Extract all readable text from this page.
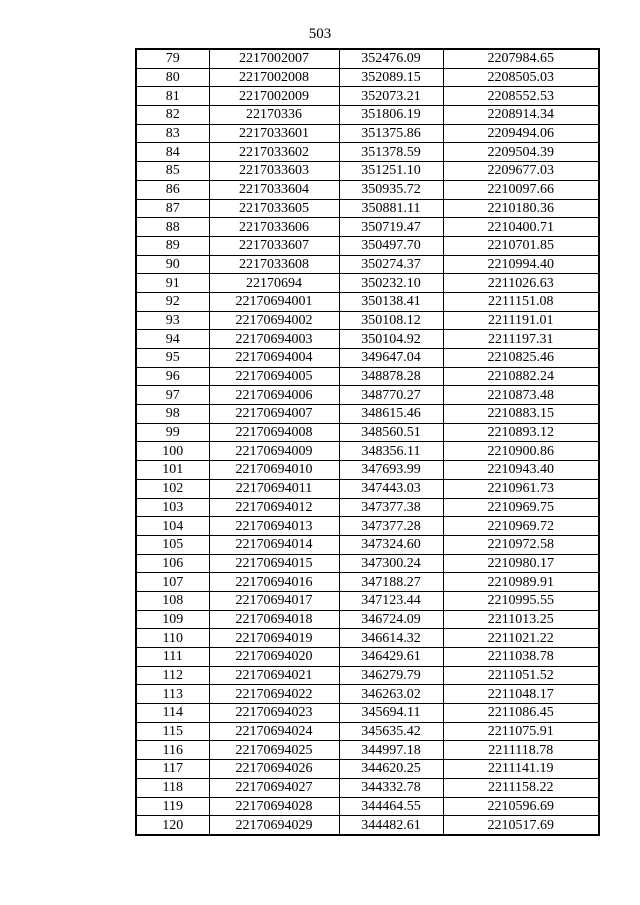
503
79	2217002007	352476.09	2207984.65
80	2217002008	352089.15	2208505.03
81	2217002009	352073.21	2208552.53
82	22170336	351806.19	2208914.34
83	2217033601	351375.86	2209494.06
84	2217033602	351378.59	2209504.39
85	2217033603	351251.10	2209677.03
86	2217033604	350935.72	2210097.66
87	2217033605	350881.11	2210180.36
88	2217033606	350719.47	2210400.71
89	2217033607	350497.70	2210701.85
90	2217033608	350274.37	2210994.40
91	22170694	350232.10	2211026.63
92	22170694001	350138.41	2211151.08
93	22170694002	350108.12	2211191.01
94	22170694003	350104.92	2211197.31
95	22170694004	349647.04	2210825.46
96	22170694005	348878.28	2210882.24
97	22170694006	348770.27	2210873.48
98	22170694007	348615.46	2210883.15
99	22170694008	348560.51	2210893.12
100	22170694009	348356.11	2210900.86
101	22170694010	347693.99	2210943.40
102	22170694011	347443.03	2210961.73
103	22170694012	347377.38	2210969.75
104	22170694013	347377.28	2210969.72
105	22170694014	347324.60	2210972.58
106	22170694015	347300.24	2210980.17
107	22170694016	347188.27	2210989.91
108	22170694017	347123.44	2210995.55
109	22170694018	346724.09	2211013.25
110	22170694019	346614.32	2211021.22
111	22170694020	346429.61	2211038.78
112	22170694021	346279.79	2211051.52
113	22170694022	346263.02	2211048.17
114	22170694023	345694.11	2211086.45
115	22170694024	345635.42	2211075.91
116	22170694025	344997.18	2211118.78
117	22170694026	344620.25	2211141.19
118	22170694027	344332.78	2211158.22
119	22170694028	344464.55	2210596.69
120	22170694029	344482.61	2210517.69
